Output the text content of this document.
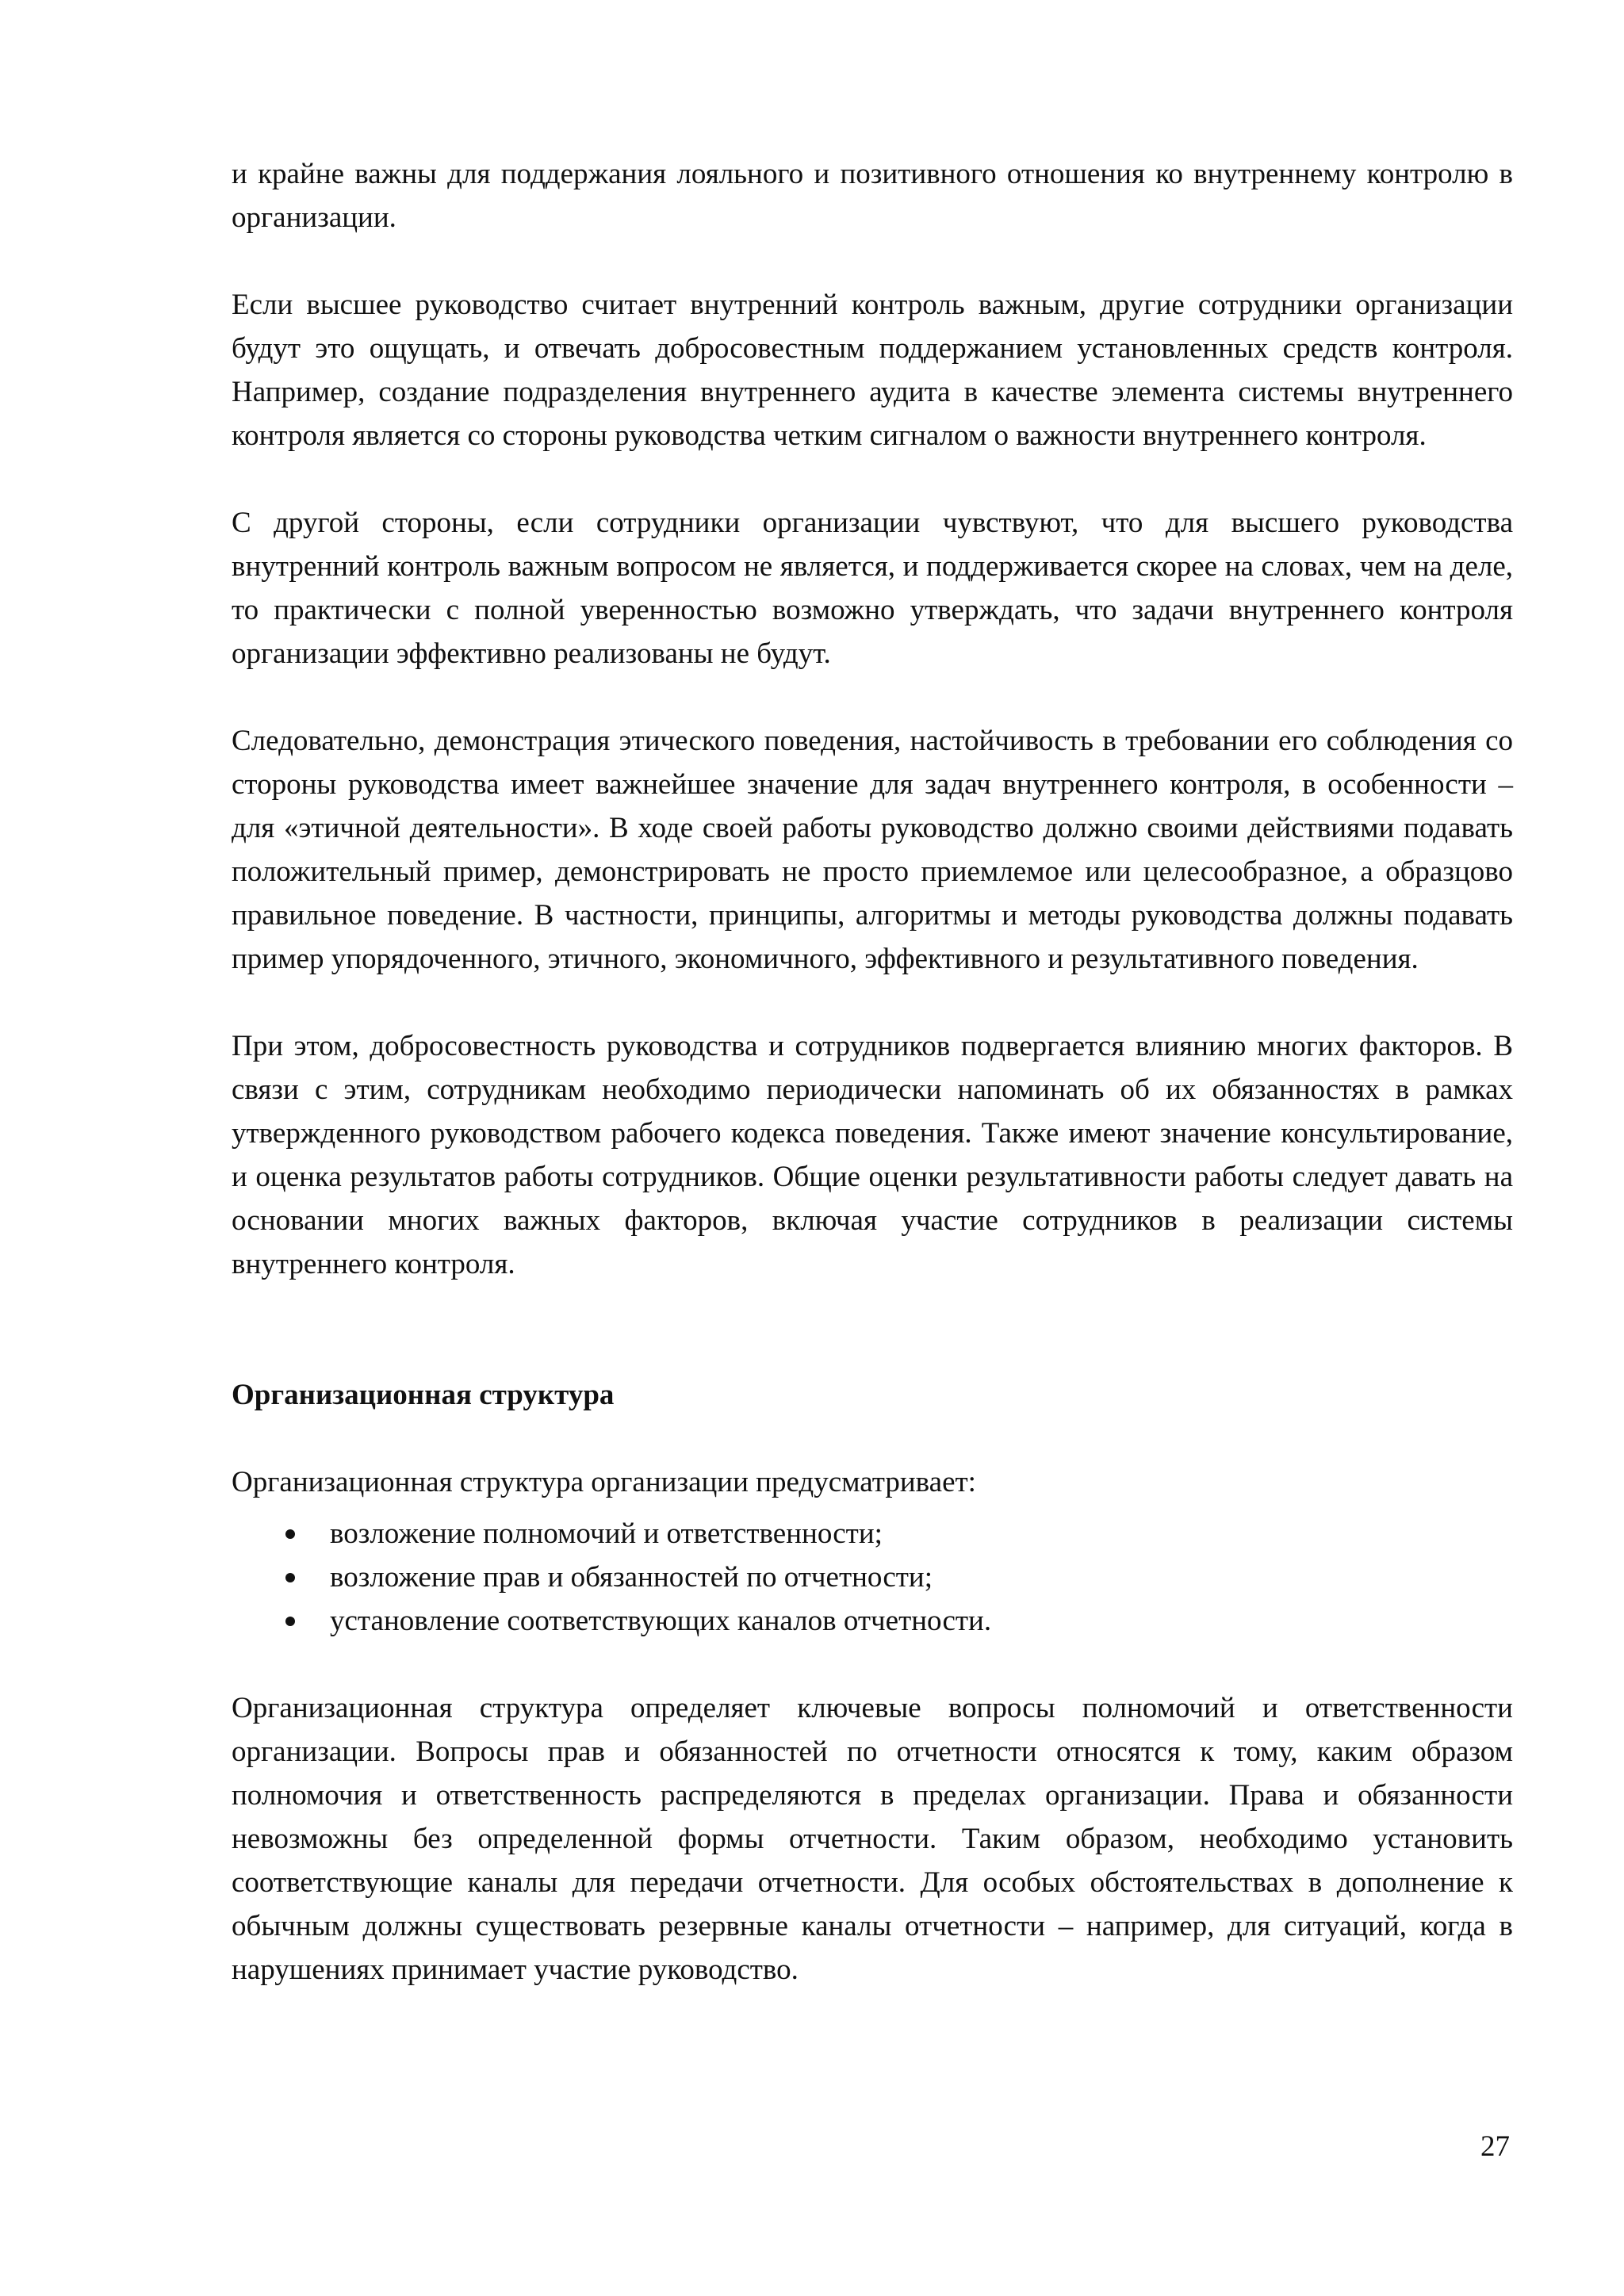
и крайне важны для поддержания лояльного и позитивного отношения ко внутреннему контролю в организации.

Если высшее руководство считает внутренний контроль важным, другие сотрудники организации будут это ощущать, и отвечать добросовестным поддержанием установленных средств контроля. Например, создание подразделения внутреннего аудита в качестве элемента системы внутреннего контроля является со стороны руководства четким сигналом о важности внутреннего контроля.

С другой стороны, если сотрудники организации чувствуют, что для высшего руководства внутренний контроль важным вопросом не является, и поддерживается скорее на словах, чем на деле, то практически с полной уверенностью возможно утверждать, что задачи внутреннего контроля организации эффективно реализованы не будут.

Следовательно, демонстрация этического поведения, настойчивость в требовании его соблюдения со стороны руководства имеет важнейшее значение для задач внутреннего контроля, в особенности – для «этичной деятельности». В ходе своей работы руководство должно своими действиями подавать положительный пример, демонстрировать не просто приемлемое или целесообразное, а образцово правильное поведение. В частности, принципы, алгоритмы и методы руководства должны подавать пример упорядоченного, этичного, экономичного, эффективного и результативного поведения.

При этом, добросовестность руководства и сотрудников подвергается влиянию многих факторов. В связи с этим, сотрудникам необходимо периодически напоминать об их обязанностях в рамках утвержденного руководством рабочего кодекса поведения. Также имеют значение консультирование, и оценка результатов работы сотрудников. Общие оценки результативности работы следует давать на основании многих важных факторов, включая участие сотрудников в реализации системы внутреннего контроля.

Организационная структура

Организационная структура организации предусматривает:

возложение полномочий и ответственности;
возложение прав и обязанностей по отчетности;
установление соответствующих каналов отчетности.

Организационная структура определяет ключевые вопросы полномочий и ответственности организации. Вопросы прав и обязанностей по отчетности относятся к тому, каким образом полномочия и ответственность распределяются в пределах организации. Права и обязанности невозможны без определенной формы отчетности. Таким образом, необходимо установить соответствующие каналы для передачи отчетности. Для особых обстоятельствах в дополнение к обычным должны существовать резервные каналы отчетности – например, для ситуаций, когда в нарушениях принимает участие руководство.

27
